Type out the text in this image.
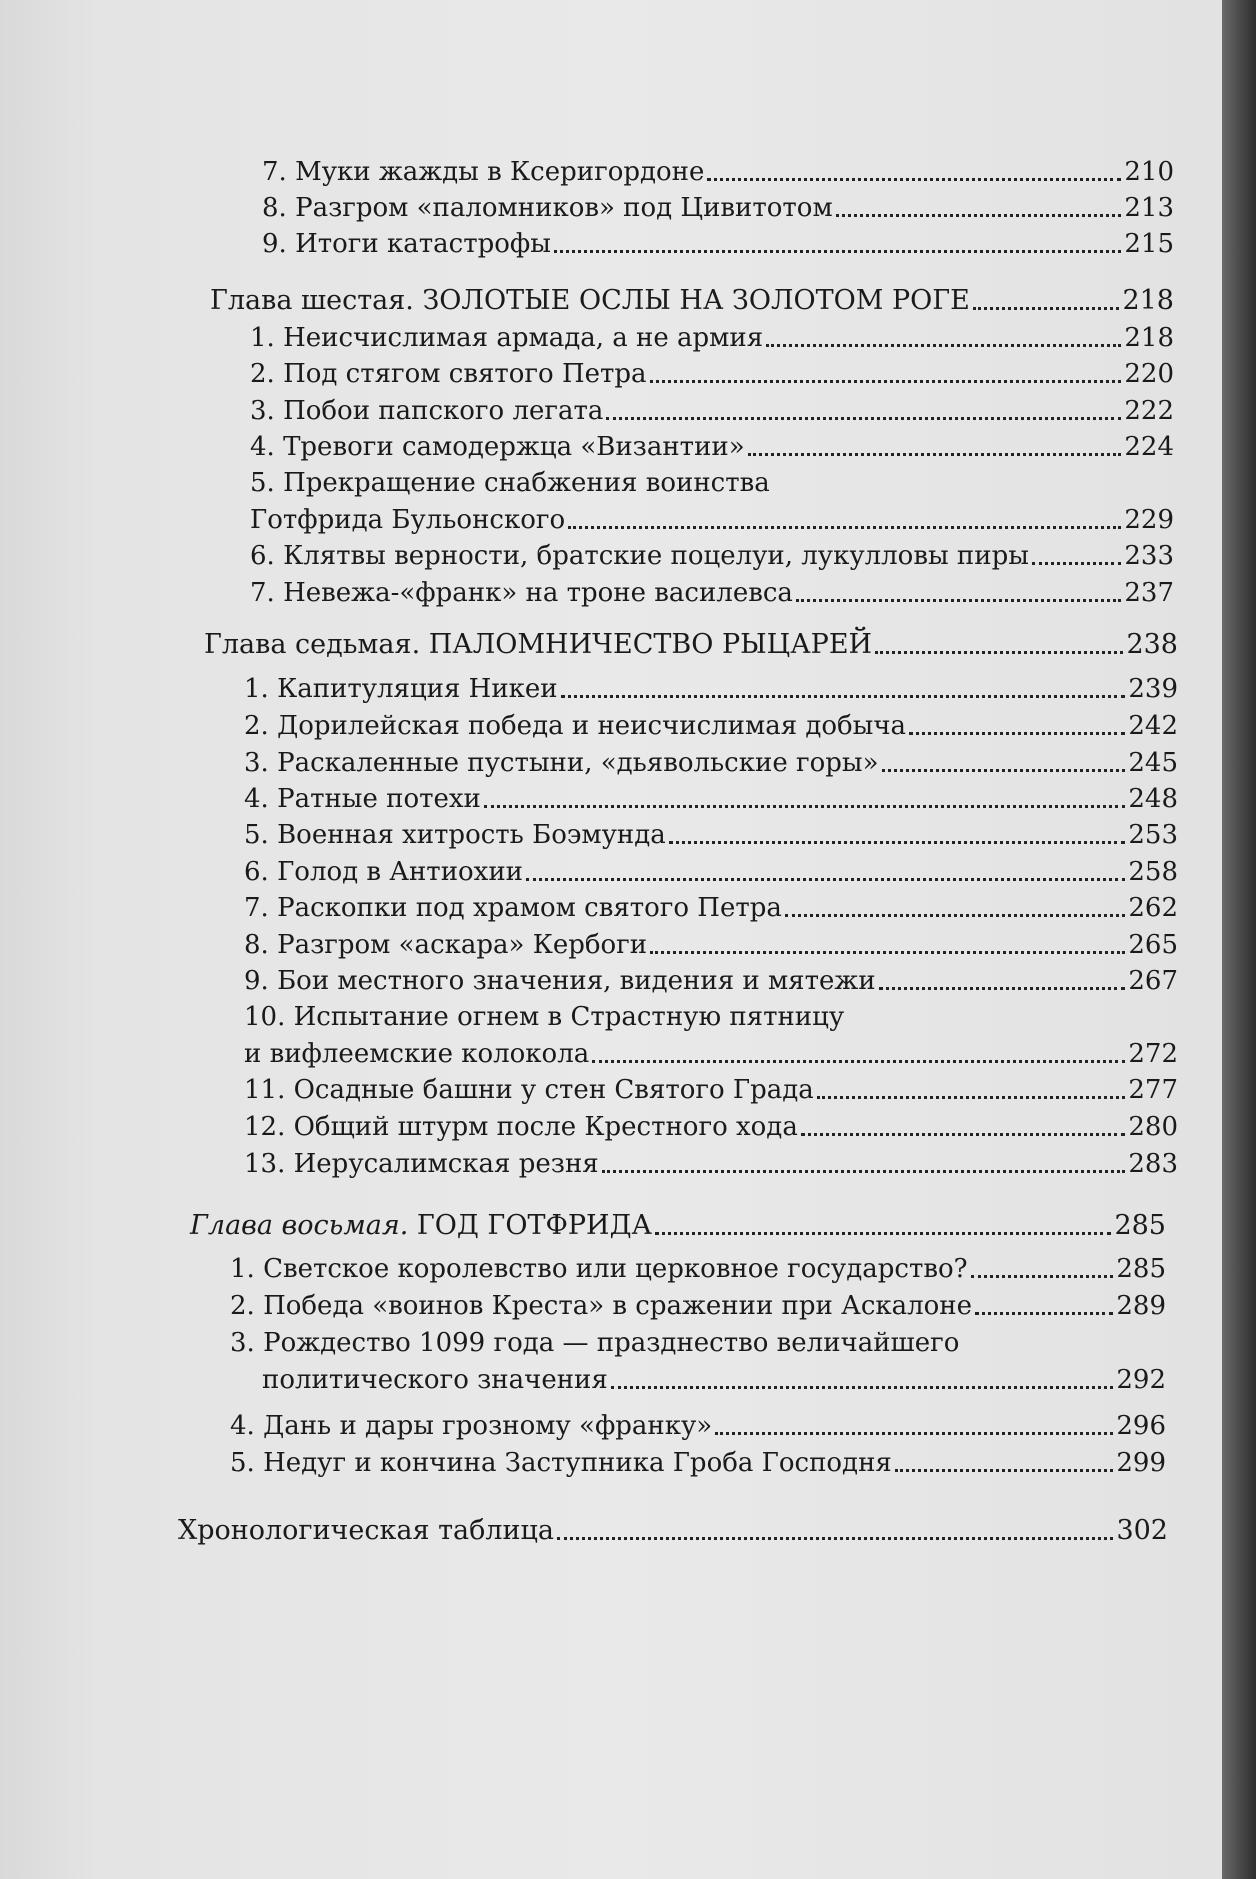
7. Муки жажды в Ксеригордоне	210
8. Разгром «паломников» под Цивитотом	213
9. Итоги катастрофы	215
Глава шестая. ЗОЛОТЫЕ ОСЛЫ НА ЗОЛОТОМ РОГЕ	218
1. Неисчислимая армада, а не армия	218
2. Под стягом святого Петра	220
3. Побои папского легата	222
4. Тревоги самодержца «Византии»	224
5. Прекращение снабжения воинства
Готфрида Бульонского	229
6. Клятвы верности, братские поцелуи, лукулловы пиры	233
7. Невежа-«франк» на троне василевса	237
Глава седьмая. ПАЛОМНИЧЕСТВО РЫЦАРЕЙ	238
1. Капитуляция Никеи	239
2. Дорилейская победа и неисчислимая добыча	242
3. Раскаленные пустыни, «дьявольские горы»	245
4. Ратные потехи	248
5. Военная хитрость Боэмунда	253
6. Голод в Антиохии	258
7. Раскопки под храмом святого Петра	262
8. Разгром «аскара» Кербоги	265
9. Бои местного значения, видения и мятежи	267
10. Испытание огнем в Страстную пятницу
и вифлеемские колокола	272
11. Осадные башни у стен Святого Града	277
12. Общий штурм после Крестного хода	280
13. Иерусалимская резня	283
Глава восьмая. ГОД ГОТФРИДА	285
1. Светское королевство или церковное государство?	285
2. Победа «воинов Креста» в сражении при Аскалоне	289
3. Рождество 1099 года — празднество величайшего
политического значения	292
4. Дань и дары грозному «франку»	296
5. Недуг и кончина Заступника Гроба Господня	299
Хронологическая таблица	302
